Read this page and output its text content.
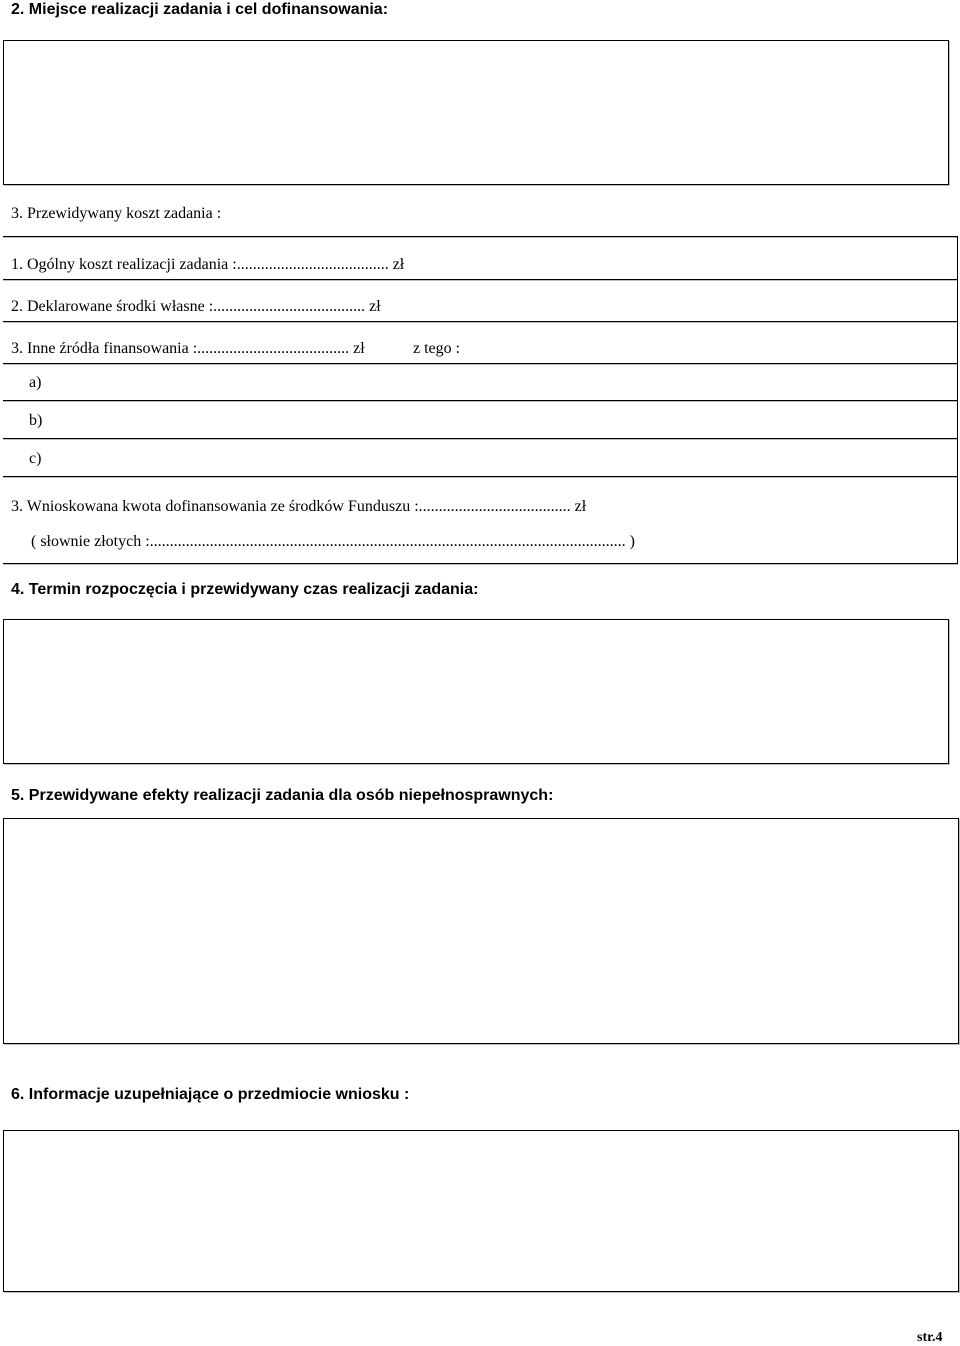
2. Miejsce realizacji zadania i cel dofinansowania:
3. Przewidywany koszt zadania :
1. Ogólny koszt realizacji zadania :...................................... zł
2. Deklarowane środki własne :...................................... zł
3. Inne źródła finansowania :...................................... zł	z tego :
a)
b)
c)
3. Wnioskowana kwota dofinansowania ze środków Funduszu :...................................... zł
( słownie złotych :....................................................................................................................... )
4. Termin rozpoczęcia i przewidywany czas realizacji zadania:
5. Przewidywane efekty realizacji zadania dla osób niepełnosprawnych:
6. Informacje uzupełniające o przedmiocie wniosku :
str.4
